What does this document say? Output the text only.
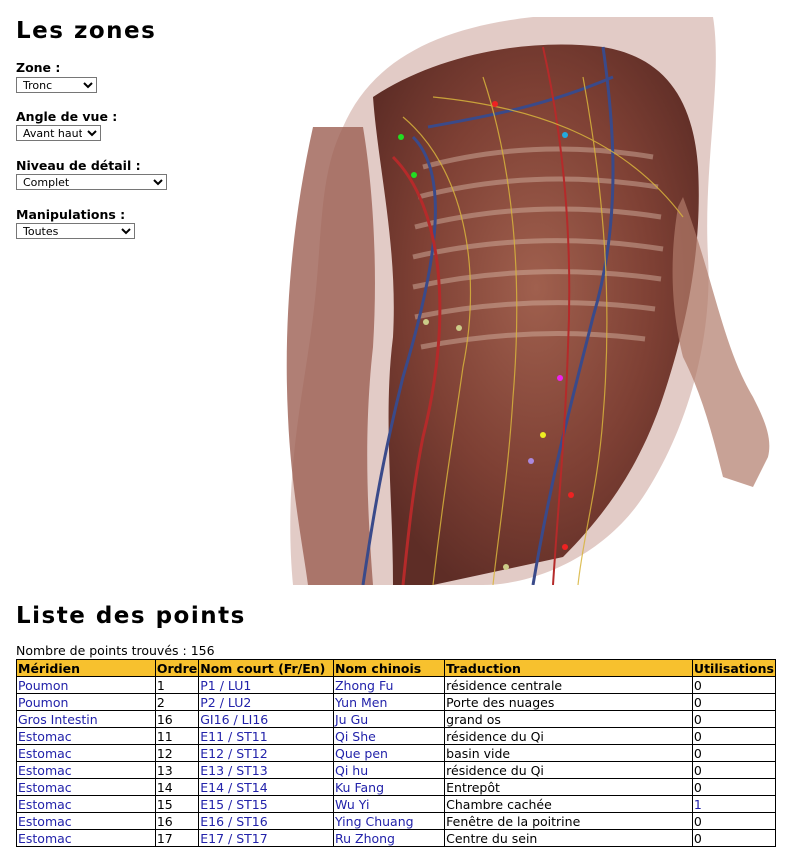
Les zones
Zone :
Tronc
Angle de vue :
Avant haut
Niveau de détail :
Complet
Manipulations :
Toutes
Liste des points
Nombre de points trouvés : 156
Méridien	Ordre	Nom court (Fr/En)	Nom chinois	Traduction	Utilisations
Poumon	1	P1 / LU1	Zhong Fu	résidence centrale	0
Poumon	2	P2 / LU2	Yun Men	Porte des nuages	0
Gros Intestin	16	GI16 / LI16	Ju Gu	grand os	0
Estomac	11	E11 / ST11	Qi She	résidence du Qi	0
Estomac	12	E12 / ST12	Que pen	basin vide	0
Estomac	13	E13 / ST13	Qi hu	résidence du Qi	0
Estomac	14	E14 / ST14	Ku Fang	Entrepôt	0
Estomac	15	E15 / ST15	Wu Yi	Chambre cachée	1
Estomac	16	E16 / ST16	Ying Chuang	Fenêtre de la poitrine	0
Estomac	17	E17 / ST17	Ru Zhong	Centre du sein	0
